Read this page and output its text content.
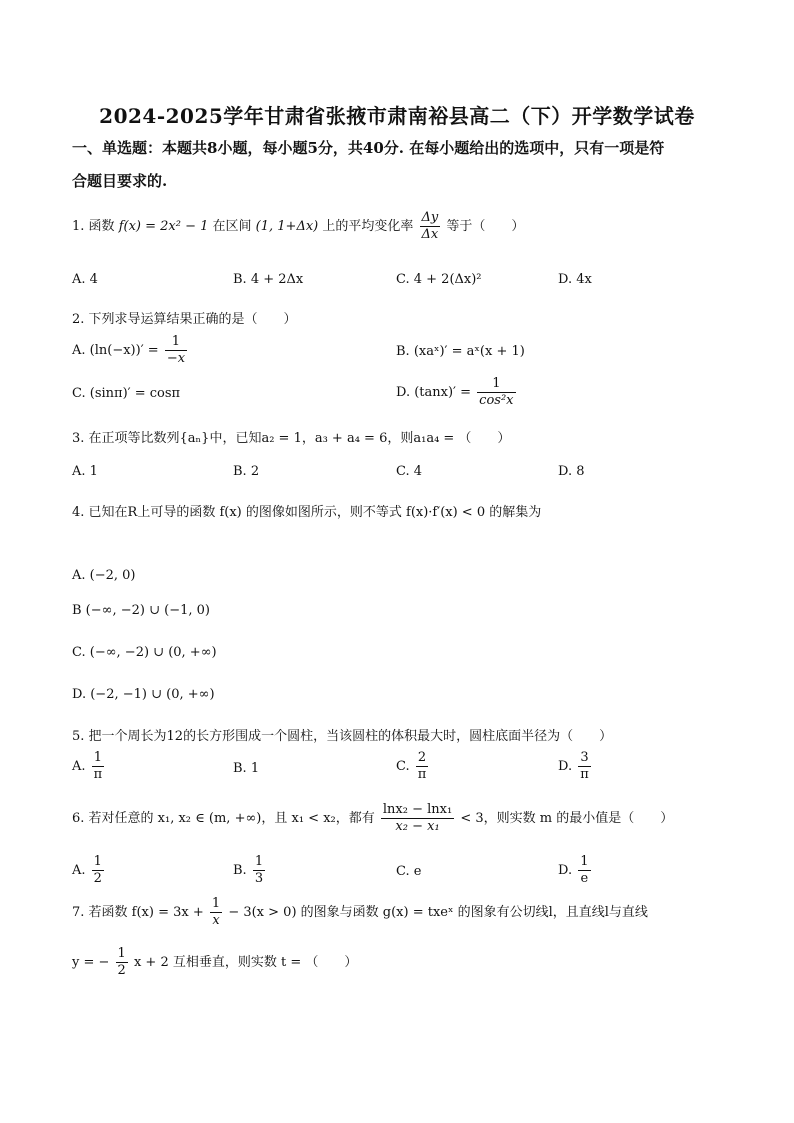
2024-2025学年甘肃省张掖市肃南裕县高二（下）开学数学试卷
一、单选题：本题共8小题，每小题5分，共40分. 在每小题给出的选项中，只有一项是符
合题目要求的.
1. 函数 f(x) = 2x² − 1 在区间 (1, 1+Δx) 上的平均变化率 $\frac{\Delta y}{\Delta x}$ 等于（　　）
A. 4	B. 4 + 2Δx	C. 4 + 2(Δx)²	D. 4x
2. 下列求导运算结果正确的是（　　）
A. $(\ln(-x))' = \frac{1}{-x}$	B. (xaˣ)′ = aˣ(x + 1)
C. (sinπ)′ = cosπ	D. $(\tan x)' = \frac{1}{\text{cos²x}}$
3. 在正项等比数列{aₙ}中，已知a₂ = 1，a₃ + a₄ = 6，则a₁a₄ = （　　）
A. 1	B. 2	C. 4	D. 8
4. 已知在R上可导的函数 f(x) 的图像如图所示，则不等式 f(x)·f′(x) < 0 的解集为
A. (−2, 0)
B (−∞, −2) ∪ (−1, 0)
C. (−∞, −2) ∪ (0, +∞)
D. (−2, −1) ∪ (0, +∞)
5. 把一个周长为12的长方形围成一个圆柱，当该圆柱的体积最大时，圆柱底面半径为（　　）
A. $\frac{1}{\pi}$	B. 1	C. $\frac{2}{\pi}$	D. $\frac{3}{\pi}$
6. 若对任意的 x₁, x₂ ∈ (m, +∞)，且 x₁ < x₂，都有 $\frac{\text{lnx₂ − lnx₁}}{\text{x₂ − x₁}} < 3$，则实数 m 的最小值是（　　）
A. $\frac{1}{2}$	B. $\frac{1}{3}$	C. e	D. $\frac{1}{e}$
7. 若函数 $f(x) = 3x + \frac{1}{x} - 3(x > 0)$ 的图象与函数 g(x) = txeˣ 的图象有公切线l，且直线l与直线
y = − $\frac{1}{2}$ x + 2 互相垂直，则实数 t = （　　）
